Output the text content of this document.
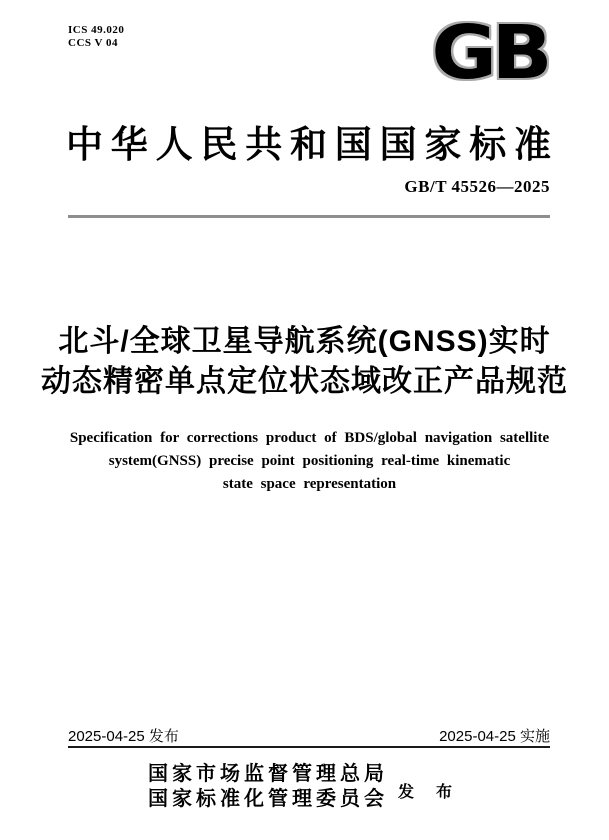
ICS 49.020
CCS V 04	GB
中华人民共和国国家标准
GB/T 45526—2025
北斗/全球卫星导航系统(GNSS)实时
动态精密单点定位状态域改正产品规范
Specification for corrections product of BDS/global navigation satellite
system(GNSS) precise point positioning real-time kinematic
state space representation
2025-04-25 发布	2025-04-25 实施
国家市场监督管理总局
国家标准化管理委员会 发 布
